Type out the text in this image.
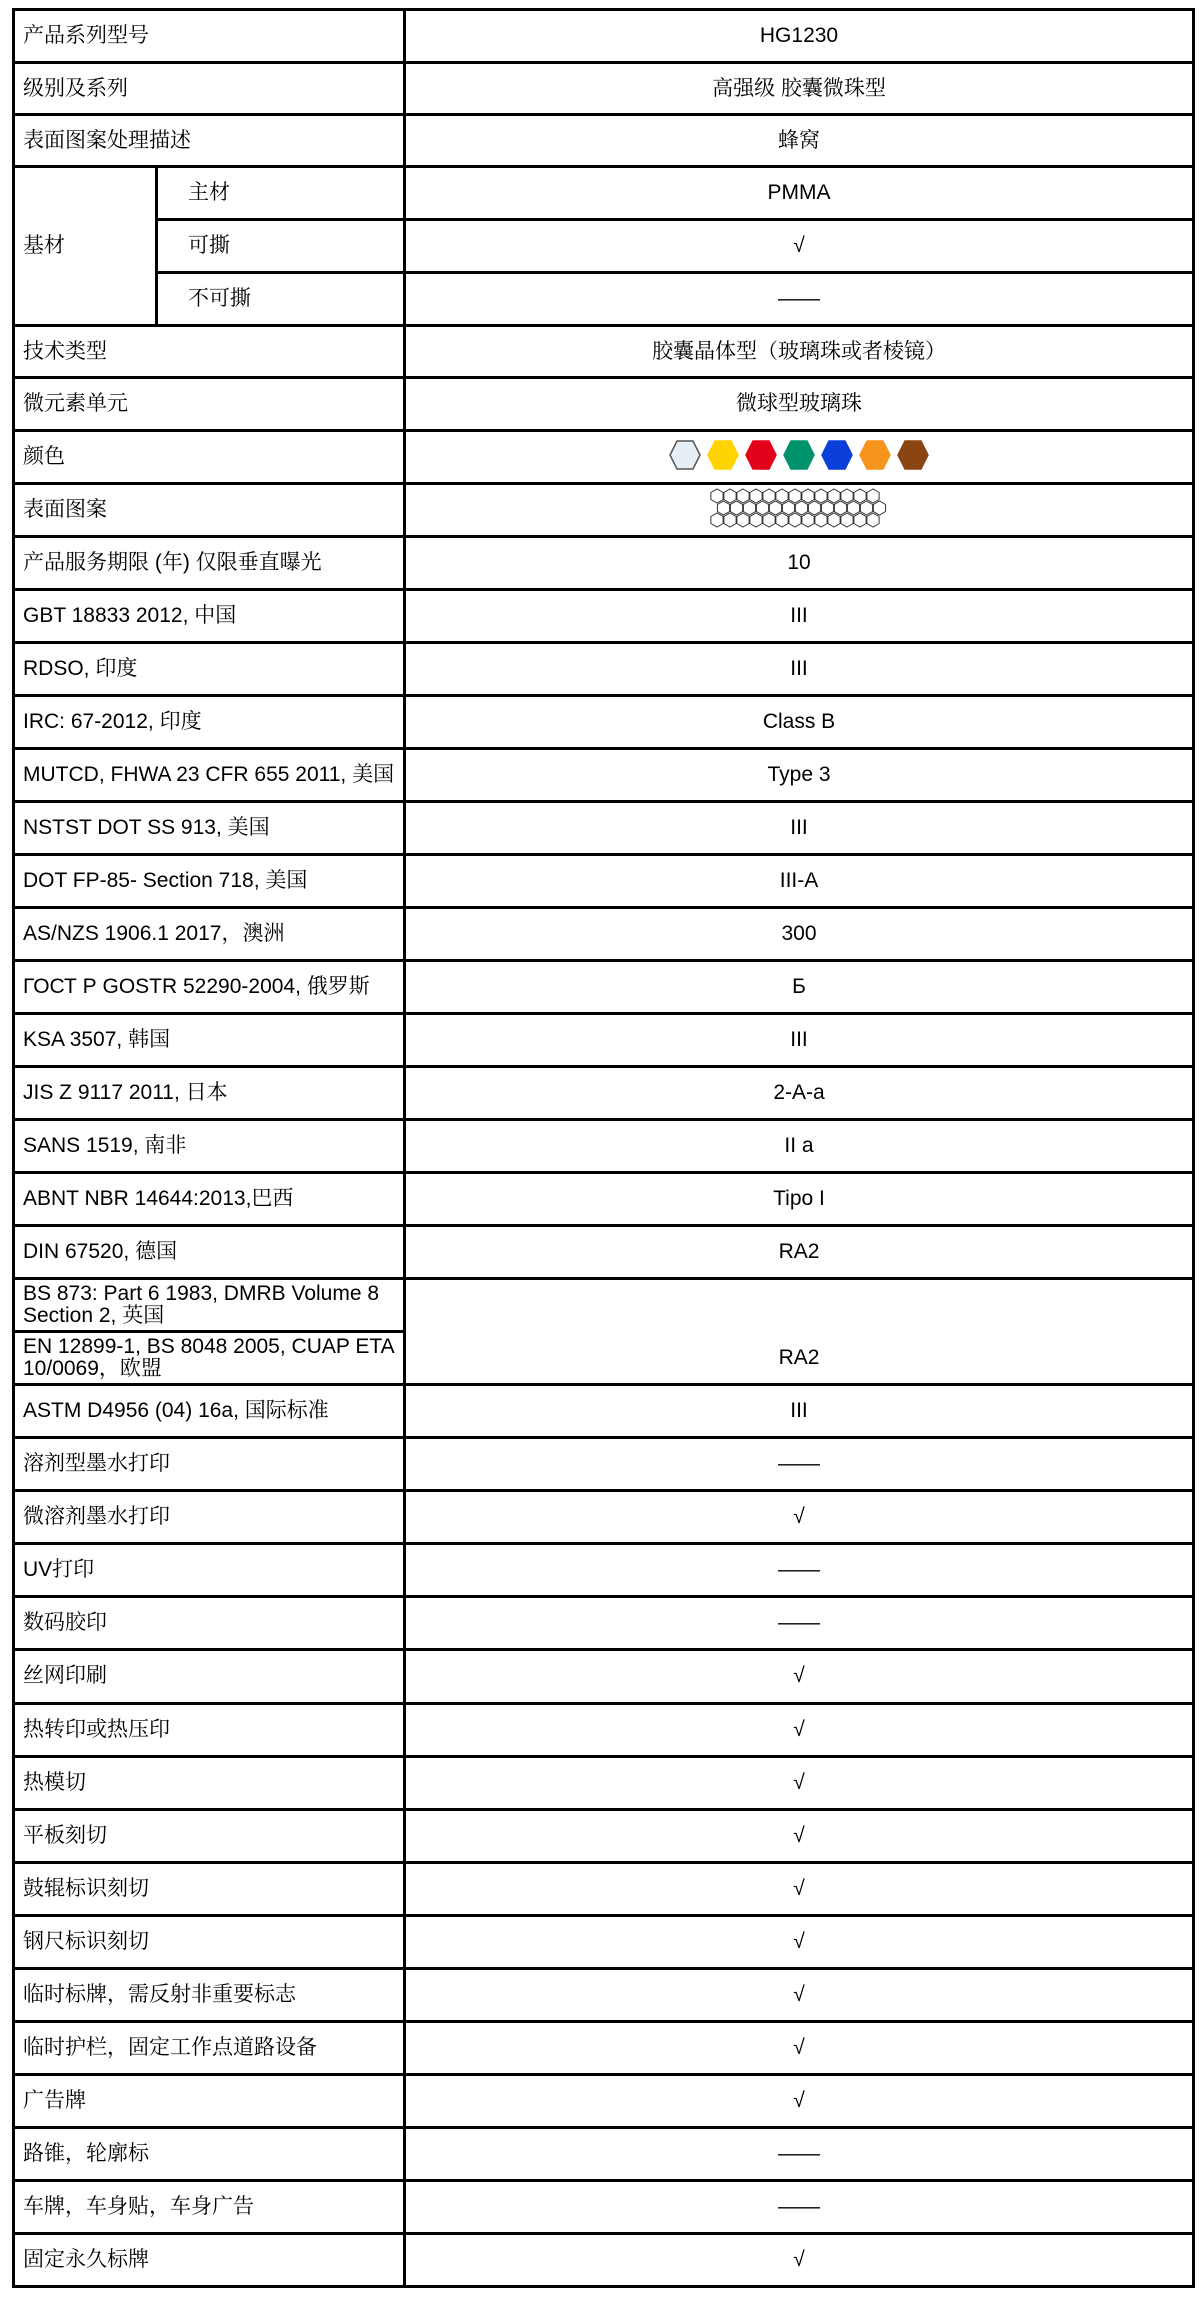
产品系列型号		HG1230
级别及系列		高强级 胶囊微珠型
表面图案处理描述		蜂窝
基材	主材	PMMA
	可撕	√
	不可撕	——
技术类型		胶囊晶体型（玻璃珠或者棱镜）
微元素单元		微球型玻璃珠
颜色	

表面图案	

产品服务期限 (年) 仅限垂直曝光		10
GBT 18833 2012, 中国		III
RDSO, 印度		III
IRC: 67-2012, 印度		Class B
MUTCD, FHWA 23 CFR 655 2011, 美国		Type 3
NSTST DOT SS 913, 美国		III
DOT FP-85- Section 718, 美国		III-A
AS/NZS 1906.1 2017，澳洲		300
ГОСТ Р GOSTR 52290-2004, 俄罗斯		Б
KSA 3507, 韩国		III
JIS Z 9117 2011, 日本		2-A-a
SANS 1519, 南非		II a
ABNT NBR 14644:2013,巴西		Tipo I
DIN 67520, 德国		RA2
BS 873: Part 6 1983, DMRB Volume 8 Section 2, 英国		
EN 12899-1, BS 8048 2005, CUAP ETA 10/0069，欧盟		RA2
ASTM D4956 (04) 16a, 国际标准		III
溶剂型墨水打印		——
微溶剂墨水打印		√
UV打印		——
数码胶印		——
丝网印刷		√
热转印或热压印		√
热模切		√
平板刻切		√
鼓辊标识刻切		√
钢尺标识刻切		√
临时标牌，需反射非重要标志		√
临时护栏，固定工作点道路设备		√
广告牌		√
路锥，轮廓标		——
车牌，车身贴，车身广告		——
固定永久标牌		√
